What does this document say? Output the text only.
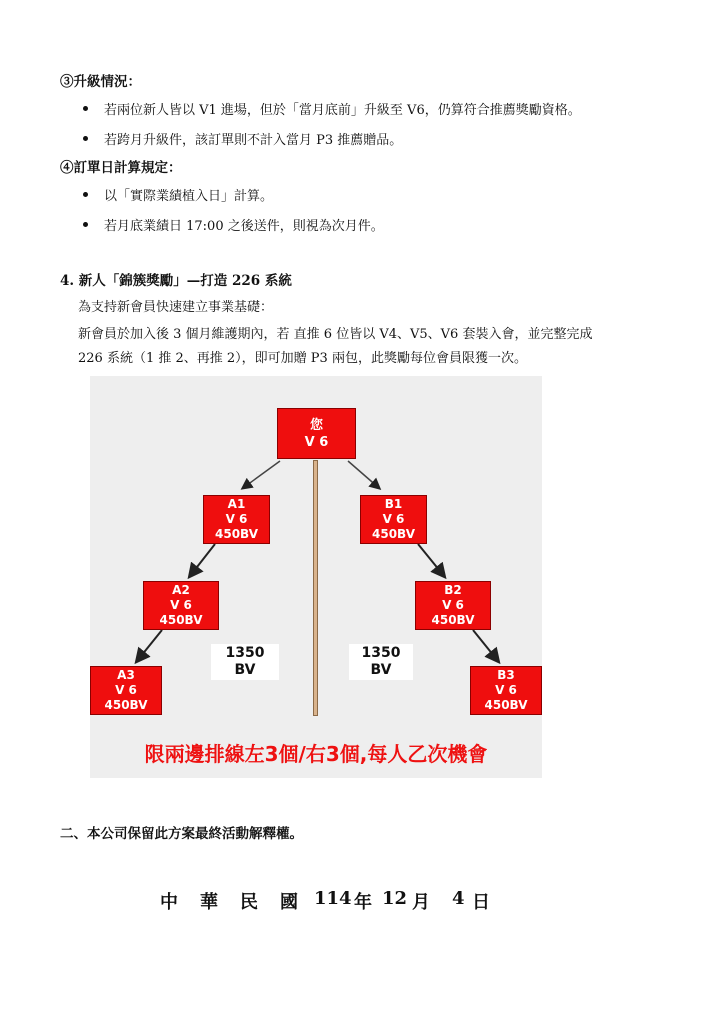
③升級情況：
若兩位新人皆以 V1 進場，但於「當月底前」升級至 V6，仍算符合推薦獎勵資格。
若跨月升級件，該訂單則不計入當月 P3 推薦贈品。
④訂單日計算規定：
以「實際業績植入日」計算。
若月底業績日 17:00 之後送件，則視為次月件。
4. 新人「錦簇獎勵」—打造 226 系統
為支持新會員快速建立事業基礎：
新會員於加入後 3 個月維護期內，若 直推 6 位皆以 V4、V5、V6 套裝入會，並完整完成
226 系統（1 推 2、再推 2），即可加贈 P3 兩包，此獎勵每位會員限獲一次。
您
V 6
A1
V 6
450BV
B1
V 6
450BV
A2
V 6
450BV
B2
V 6
450BV
A3
V 6
450BV
B3
V 6
450BV
1350
BV
1350
BV
限兩邊排線左3個/右3個,每人乙次機會
二、本公司保留此方案最終活動解釋權。
中 華 民 國 114 年 12 月 4 日
